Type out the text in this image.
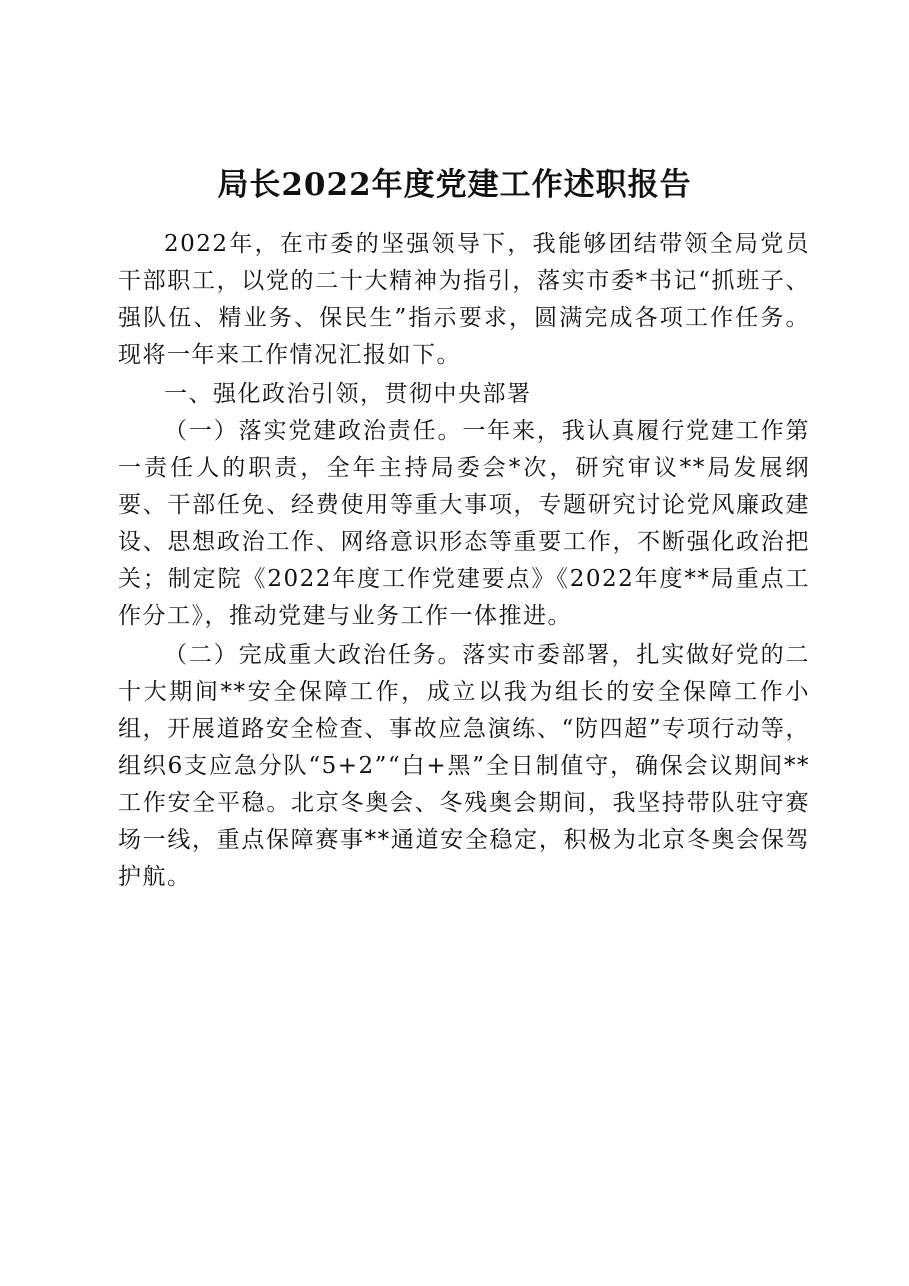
局长2022年度党建工作述职报告

2022年，在市委的坚强领导下，我能够团结带领全局党员干部职工，以党的二十大精神为指引，落实市委*书记“抓班子、强队伍、精业务、保民生”指示要求，圆满完成各项工作任务。现将一年来工作情况汇报如下。

一、强化政治引领，贯彻中央部署

（一）落实党建政治责任。一年来，我认真履行党建工作第一责任人的职责，全年主持局委会*次，研究审议**局发展纲要、干部任免、经费使用等重大事项，专题研究讨论党风廉政建设、思想政治工作、网络意识形态等重要工作，不断强化政治把关；制定院《2022年度工作党建要点》《2022年度**局重点工作分工》，推动党建与业务工作一体推进。

（二）完成重大政治任务。落实市委部署，扎实做好党的二十大期间**安全保障工作，成立以我为组长的安全保障工作小组，开展道路安全检查、事故应急演练、“防四超”专项行动等，组织6支应急分队“5+2”“白+黑”全日制值守，确保会议期间**工作安全平稳。北京冬奥会、冬残奥会期间，我坚持带队驻守赛场一线，重点保障赛事**通道安全稳定，积极为北京冬奥会保驾护航。
